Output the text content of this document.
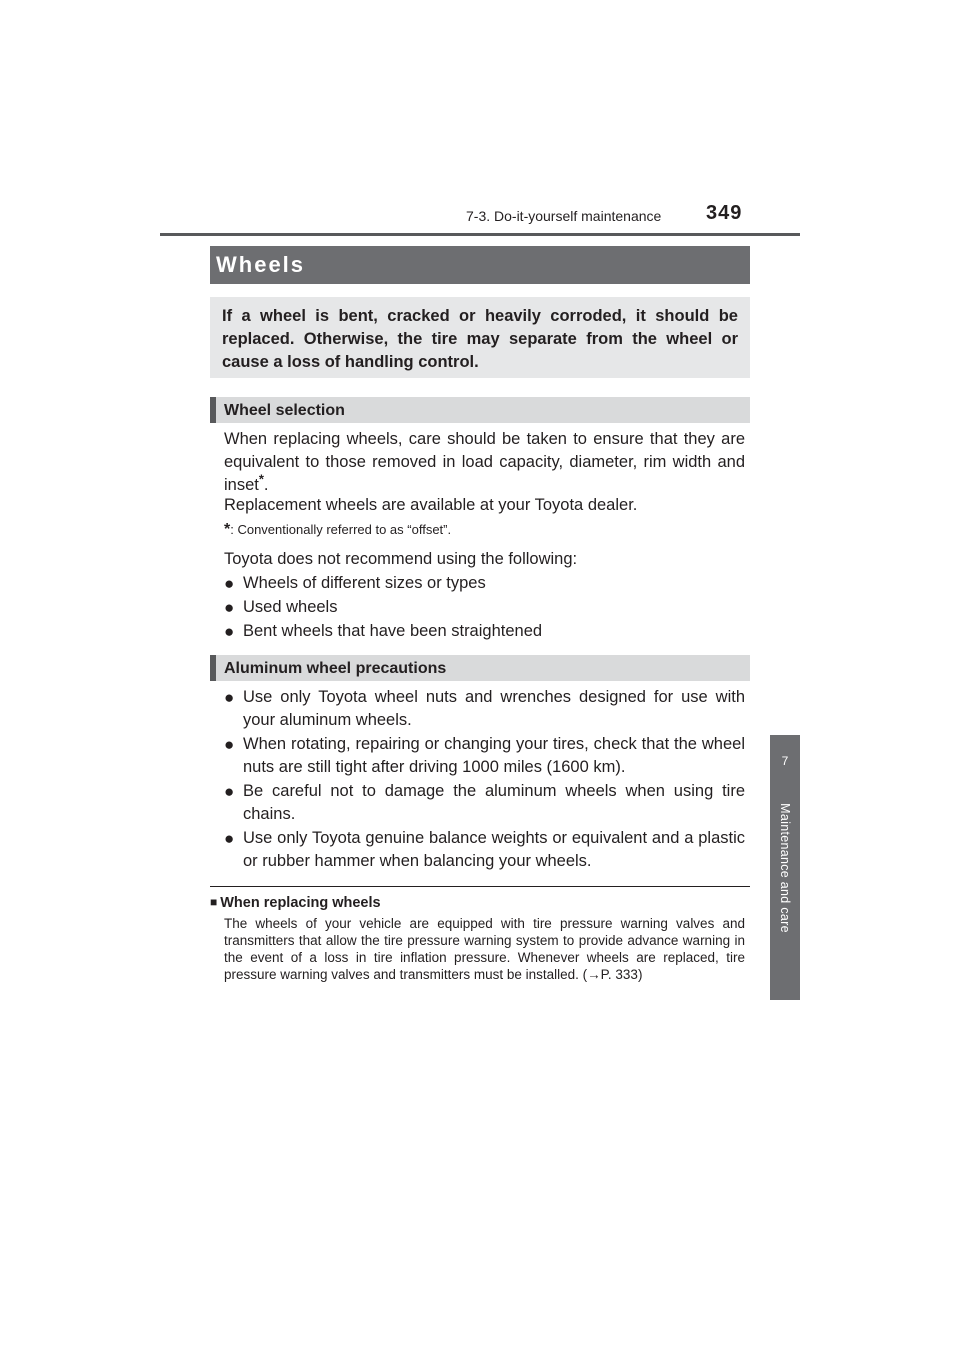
7-3. Do-it-yourself maintenance 349
7
Maintenance and care
Wheels
If a wheel is bent, cracked or heavily corroded, it should be replaced. Otherwise, the tire may separate from the wheel or cause a loss of handling control.
Wheel selection
When replacing wheels, care should be taken to ensure that they are equivalent to those removed in load capacity, diameter, rim width and inset*.
Replacement wheels are available at your Toyota dealer.
*: Conventionally referred to as “offset”.
Toyota does not recommend using the following:
● Wheels of different sizes or types
● Used wheels
● Bent wheels that have been straightened
Aluminum wheel precautions
● Use only Toyota wheel nuts and wrenches designed for use with your aluminum wheels.
● When rotating, repairing or changing your tires, check that the wheel nuts are still tight after driving 1000 miles (1600 km).
● Be careful not to damage the aluminum wheels when using tire chains.
● Use only Toyota genuine balance weights or equivalent and a plastic or rubber hammer when balancing your wheels.
■ When replacing wheels
The wheels of your vehicle are equipped with tire pressure warning valves and transmitters that allow the tire pressure warning system to provide advance warning in the event of a loss in tire inflation pressure. Whenever wheels are replaced, tire pressure warning valves and transmitters must be installed. (→P. 333)
